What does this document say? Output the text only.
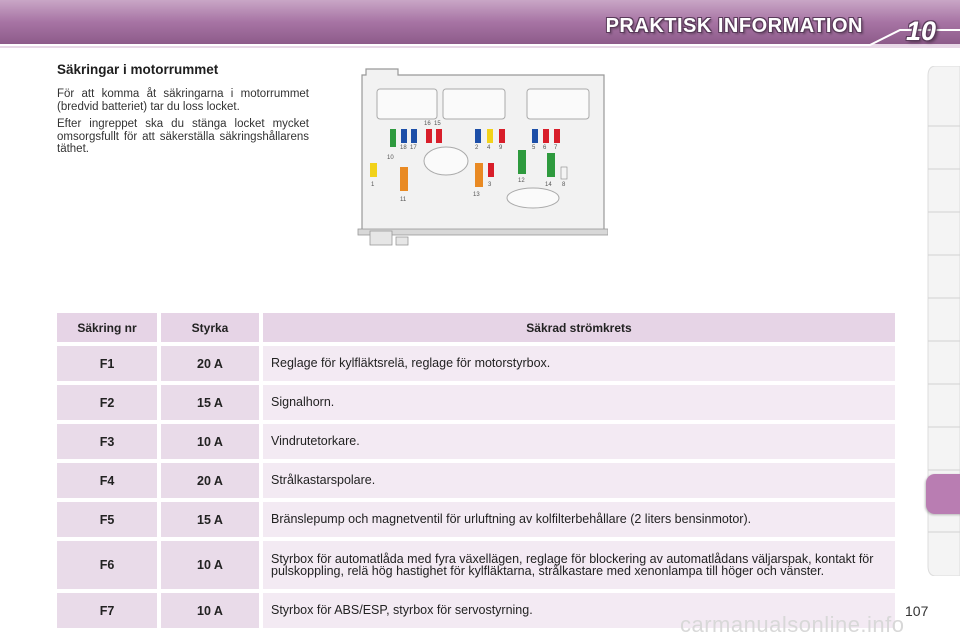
PRAKTISK INFORMATION 10
Säkringar i motorrummet

För att komma åt säkringarna i motorrummet (bredvid batteriet) tar du loss locket.

Efter ingreppet ska du stänga locket mycket omsorgsfullt för att säkerställa säkringshållarens täthet.

1
10
18 17
16 15
11
2 4 9
13
3
12
5 6 7
14 8
Säkring nr	Styrka	Säkrad strömkrets
F1	20 A	Reglage för kylfläktsrelä, reglage för motorstyrbox.
F2	15 A	Signalhorn.
F3	10 A	Vindrutetorkare.
F4	20 A	Strålkastarspolare.
F5	15 A	Bränslepump och magnetventil för urluftning av kolfilterbehållare (2 liters bensinmotor).
F6	10 A	Styrbox för automatlåda med fyra växellägen, reglage för blockering av automatlådans väljarspak, kontakt för pulskoppling, relä hög hastighet för kylfläktarna, strålkastare med xenonlampa till höger och vänster.
F7	10 A	Styrbox för ABS/ESP, styrbox för servostyrning.
carmanualsonline.info
107
